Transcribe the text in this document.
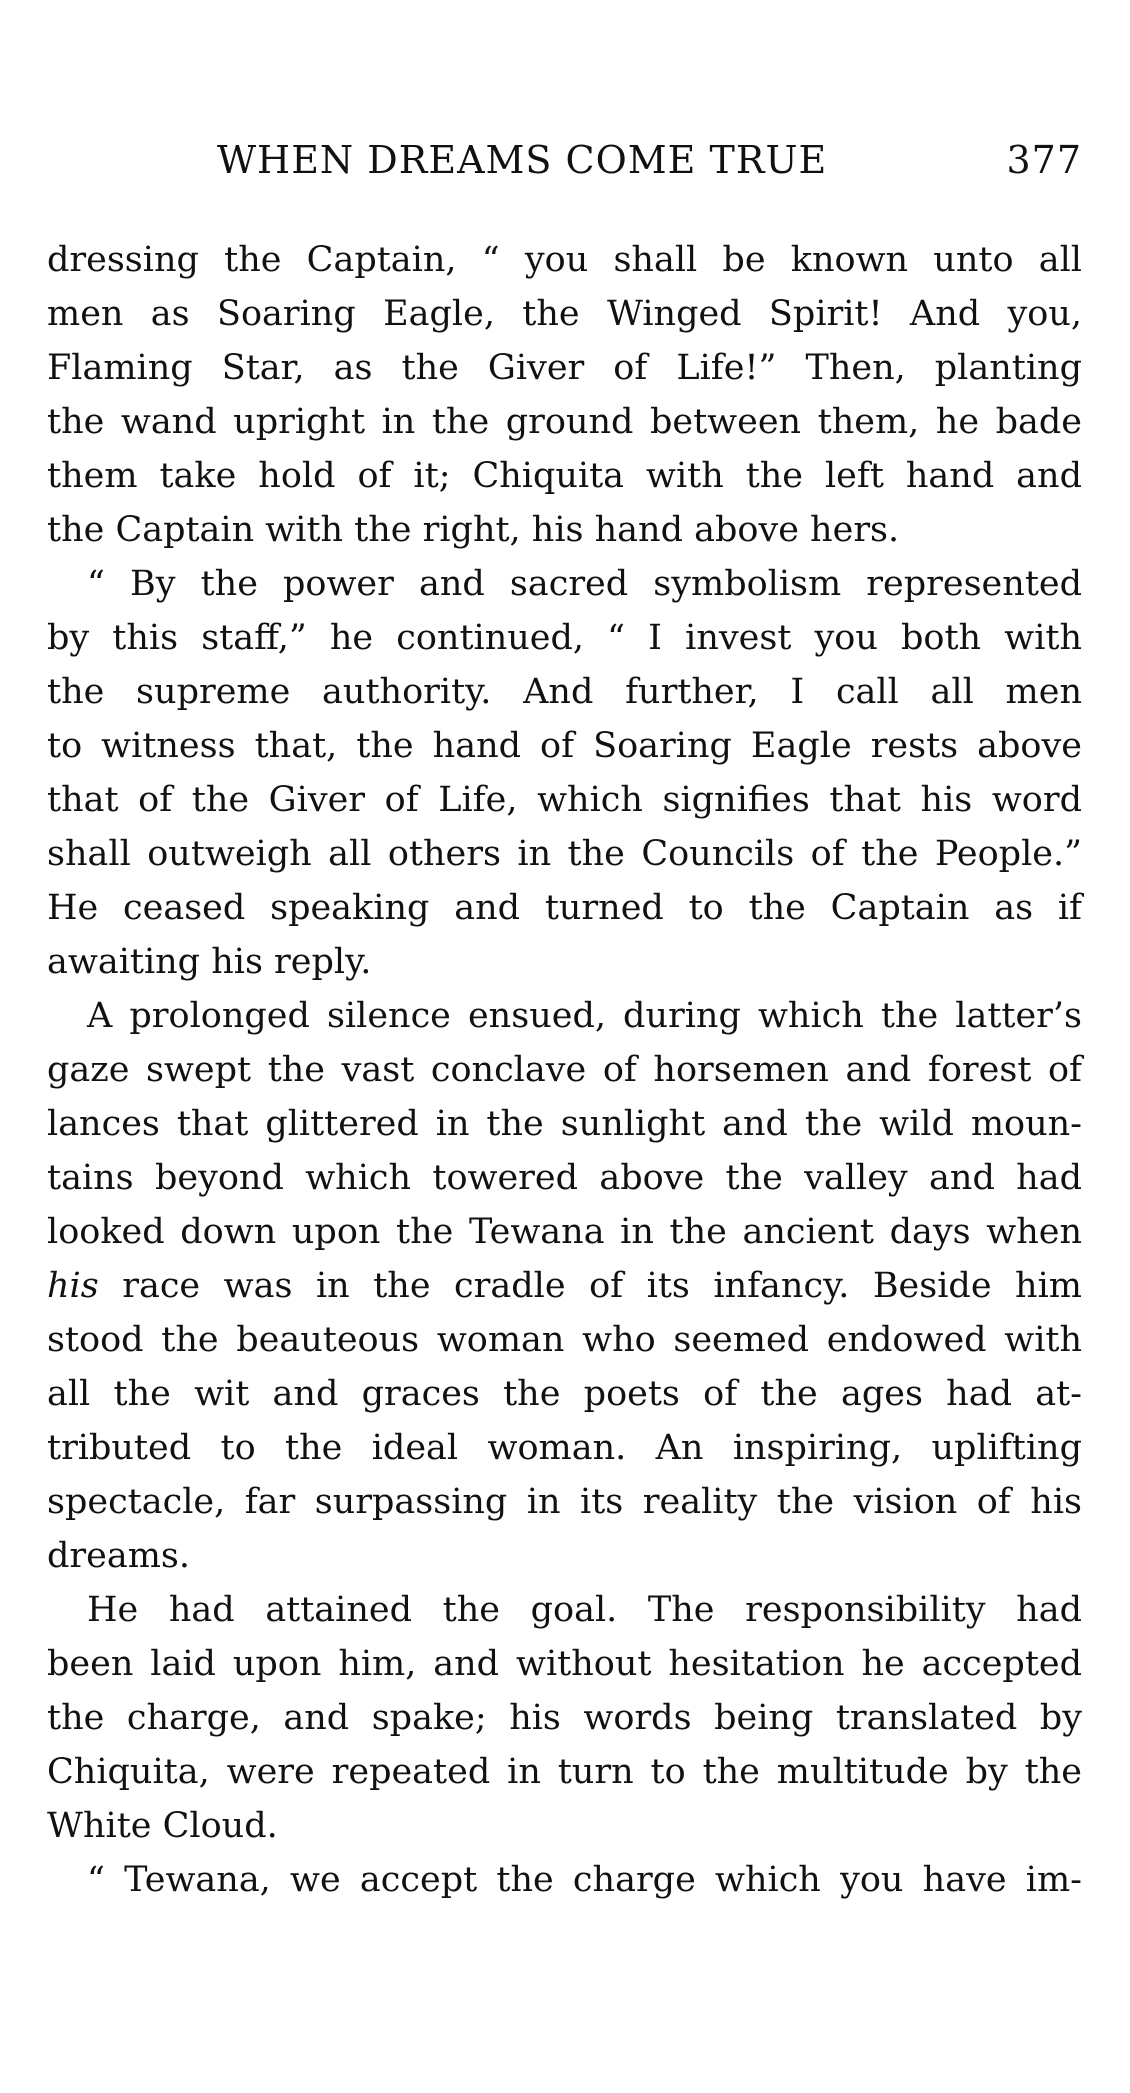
WHEN DREAMS COME TRUE	377
dressing the Captain, “ you shall be known unto all
men as Soaring Eagle, the Winged Spirit! And you,
Flaming Star, as the Giver of Life!” Then, planting
the wand upright in the ground between them, he bade
them take hold of it; Chiquita with the left hand and
the Captain with the right, his hand above hers.
“ By the power and sacred symbolism represented
by this staff,” he continued, “ I invest you both with
the supreme authority. And further, I call all men
to witness that, the hand of Soaring Eagle rests above
that of the Giver of Life, which signifies that his word
shall outweigh all others in the Councils of the People.”
He ceased speaking and turned to the Captain as if
awaiting his reply.
A prolonged silence ensued, during which the latter’s
gaze swept the vast conclave of horsemen and forest of
lances that glittered in the sunlight and the wild moun-
tains beyond which towered above the valley and had
looked down upon the Tewana in the ancient days when
his race was in the cradle of its infancy. Beside him
stood the beauteous woman who seemed endowed with
all the wit and graces the poets of the ages had at-
tributed to the ideal woman. An inspiring, uplifting
spectacle, far surpassing in its reality the vision of his
dreams.
He had attained the goal. The responsibility had
been laid upon him, and without hesitation he accepted
the charge, and spake; his words being translated by
Chiquita, were repeated in turn to the multitude by the
White Cloud.
“ Tewana, we accept the charge which you have im-
